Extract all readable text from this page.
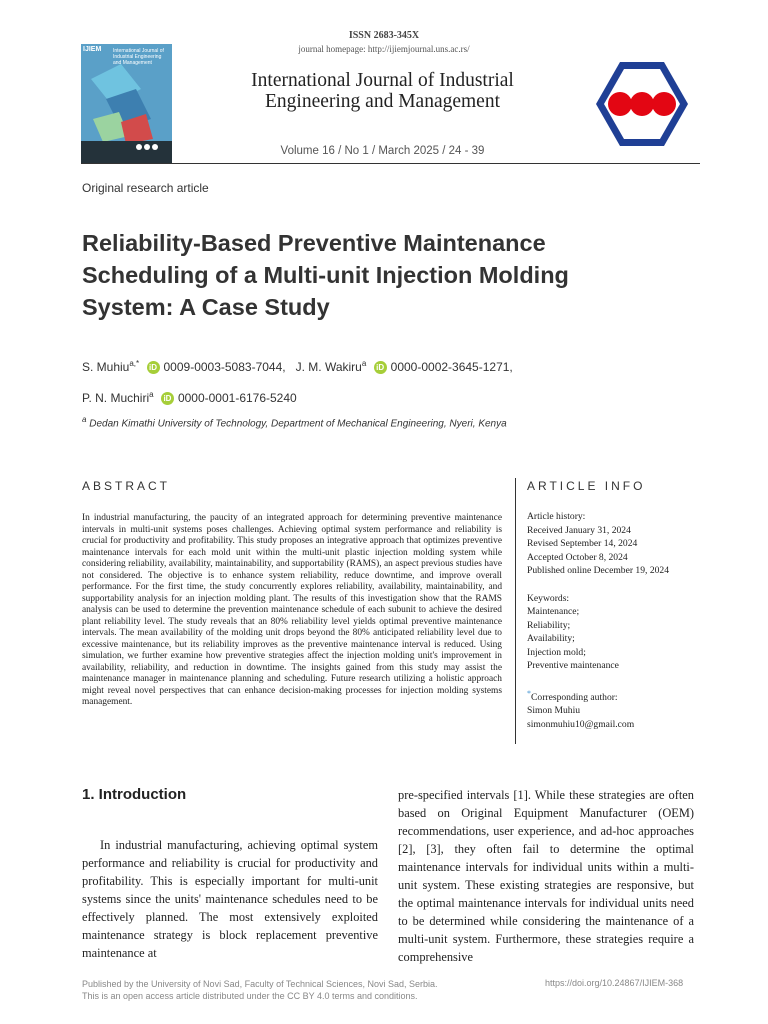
ISSN 2683-345X
IJIEM International Journal of Industrial Engineering and Management
journal homepage: http://ijiemjournal.uns.ac.rs/
International Journal of Industrial
Engineering and Management
Volume 16 / No 1 / March 2025 / 24 - 39
Original research article
Reliability-Based Preventive Maintenance Scheduling of a Multi-unit Injection Molding System: A Case Study
S. Muhiu$^{a,*}$ iD 0009-0003-5083-7044, J. M. Wakiru$^a$ iD 0000-0002-3645-1271,
P. N. Muchiri$^a$ iD 0000-0001-6176-5240
$^a$ Dedan Kimathi University of Technology, Department of Mechanical Engineering, Nyeri, Kenya
ABSTRACT	ARTICLE INFO
In industrial manufacturing, the paucity of an integrated approach for determining preventive maintenance intervals in multi-unit systems poses challenges. Achieving optimal system performance and reliability is crucial for productivity and profitability. This study proposes an integrative approach that optimizes preventive maintenance intervals for each mold unit within the multi-unit plastic injection molding system while considering reliability, availability, maintainability, and supportability (RAMS), an aspect previous studies have not considered. The objective is to enhance system reliability, reduce downtime, and improve overall performance. For the first time, the study concurrently explores reliability, availability, maintainability, and supportability analysis for an injection molding plant. The results of this investigation show that the RAMS analysis can be used to determine the prevention maintenance schedule of each subunit to achieve the desired plant reliability level. The study reveals that an 80% reliability level yields optimal preventive maintenance intervals. The mean availability of the molding unit drops beyond the 80% anticipated reliability level due to excessive maintenance, but its reliability improves as the preventive maintenance interval is reduced. Using simulation, we further examine how preventive strategies affect the injection molding unit's improvement in availability, reliability, and reduction in downtime. The insights gained from this study may assist the maintenance manager in maintenance planning and scheduling. Future research utilizing a holistic approach might reveal novel perspectives that can enhance decision-making processes for injection molding systems management.

Article history:

Received January 31, 2024

Revised September 14, 2024

Accepted October 8, 2024

Published online December 19, 2024

Keywords:

Maintenance;

Reliability;

Availability;

Injection mold;

Preventive maintenance

*Corresponding author:

Simon Muhiu

simonmuhiu10@gmail.com

1. Introduction
In industrial manufacturing, achieving optimal system performance and reliability is crucial for productivity and profitability. This is especially important for multi-unit systems since the units' maintenance schedules need to be effectively planned. The most extensively exploited maintenance strategy is block replacement preventive maintenance at
pre-specified intervals [1]. While these strategies are often based on Original Equipment Manufacturer (OEM) recommendations, user experience, and ad-hoc approaches [2], [3], they often fail to determine the optimal maintenance intervals for individual units within a multi-unit system. These existing strategies are responsive, but the optimal maintenance intervals for individual units need to be determined while considering the maintenance of a multi-unit system. Furthermore, these strategies require a comprehensive
Published by the University of Novi Sad, Faculty of Technical Sciences, Novi Sad, Serbia.
This is an open access article distributed under the CC BY 4.0 terms and conditions.
https://doi.org/10.24867/IJIEM-368
